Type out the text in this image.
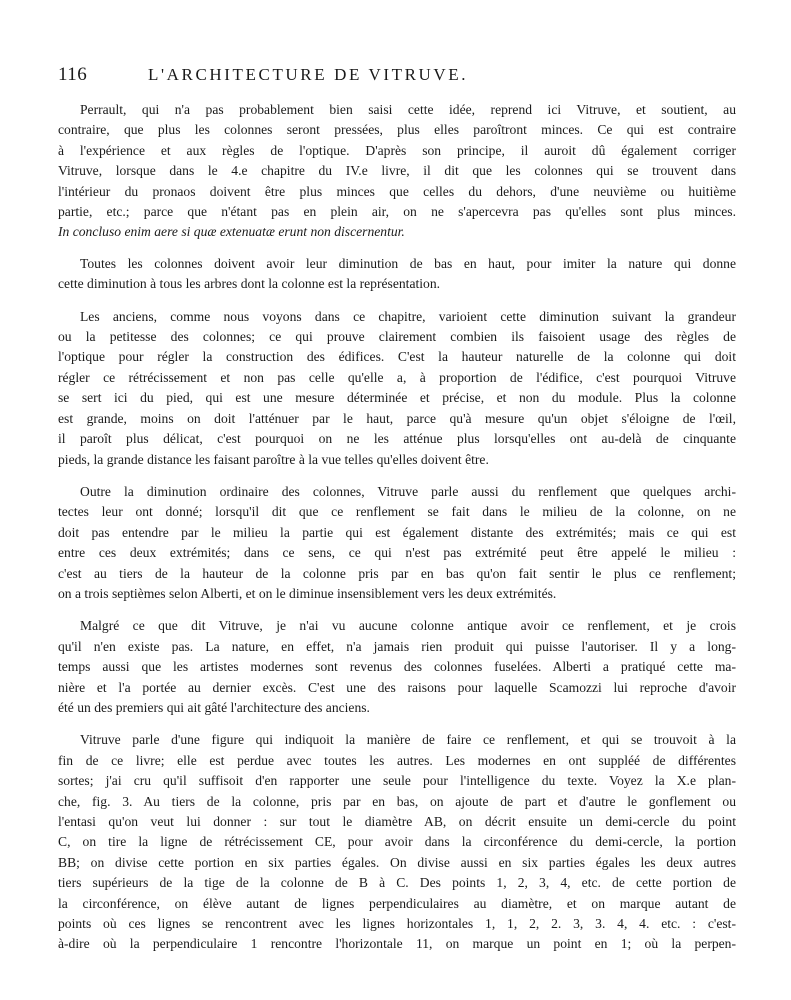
116	L'ARCHITECTURE DE VITRUVE.
Perrault, qui n'a pas probablement bien saisi cette idée, reprend ici Vitruve, et soutient, au
contraire, que plus les colonnes seront pressées, plus elles paroîtront minces. Ce qui est contraire
à l'expérience et aux règles de l'optique. D'après son principe, il auroit dû également corriger
Vitruve, lorsque dans le 4.e chapitre du IV.e livre, il dit que les colonnes qui se trouvent dans
l'intérieur du pronaos doivent être plus minces que celles du dehors, d'une neuvième ou huitième
partie, etc.; parce que n'étant pas en plein air, on ne s'apercevra pas qu'elles sont plus minces.
In concluso enim aere si quæ extenuatæ erunt non discernentur.
Toutes les colonnes doivent avoir leur diminution de bas en haut, pour imiter la nature qui donne
cette diminution à tous les arbres dont la colonne est la représentation.
Les anciens, comme nous voyons dans ce chapitre, varioient cette diminution suivant la grandeur
ou la petitesse des colonnes; ce qui prouve clairement combien ils faisoient usage des règles de
l'optique pour régler la construction des édifices. C'est la hauteur naturelle de la colonne qui doit
régler ce rétrécissement et non pas celle qu'elle a, à proportion de l'édifice, c'est pourquoi Vitruve
se sert ici du pied, qui est une mesure déterminée et précise, et non du module. Plus la colonne
est grande, moins on doit l'atténuer par le haut, parce qu'à mesure qu'un objet s'éloigne de l'œil,
il paroît plus délicat, c'est pourquoi on ne les atténue plus lorsqu'elles ont au-delà de cinquante
pieds, la grande distance les faisant paroître à la vue telles qu'elles doivent être.
Outre la diminution ordinaire des colonnes, Vitruve parle aussi du renflement que quelques archi-
tectes leur ont donné; lorsqu'il dit que ce renflement se fait dans le milieu de la colonne, on ne
doit pas entendre par le milieu la partie qui est également distante des extrémités; mais ce qui est
entre ces deux extrémités; dans ce sens, ce qui n'est pas extrémité peut être appelé le milieu :
c'est au tiers de la hauteur de la colonne pris par en bas qu'on fait sentir le plus ce renflement;
on a trois septièmes selon Alberti, et on le diminue insensiblement vers les deux extrémités.
Malgré ce que dit Vitruve, je n'ai vu aucune colonne antique avoir ce renflement, et je crois
qu'il n'en existe pas. La nature, en effet, n'a jamais rien produit qui puisse l'autoriser. Il y a long-
temps aussi que les artistes modernes sont revenus des colonnes fuselées. Alberti a pratiqué cette ma-
nière et l'a portée au dernier excès. C'est une des raisons pour laquelle Scamozzi lui reproche d'avoir
été un des premiers qui ait gâté l'architecture des anciens.
Vitruve parle d'une figure qui indiquoit la manière de faire ce renflement, et qui se trouvoit à la
fin de ce livre; elle est perdue avec toutes les autres. Les modernes en ont suppléé de différentes
sortes; j'ai cru qu'il suffisoit d'en rapporter une seule pour l'intelligence du texte. Voyez la X.e plan-
che, fig. 3. Au tiers de la colonne, pris par en bas, on ajoute de part et d'autre le gonflement ou
l'entasi qu'on veut lui donner : sur tout le diamètre AB, on décrit ensuite un demi-cercle du point
C, on tire la ligne de rétrécissement CE, pour avoir dans la circonférence du demi-cercle, la portion
BB; on divise cette portion en six parties égales. On divise aussi en six parties égales les deux autres
tiers supérieurs de la tige de la colonne de B à C. Des points 1, 2, 3, 4, etc. de cette portion de
la circonférence, on élève autant de lignes perpendiculaires au diamètre, et on marque autant de
points où ces lignes se rencontrent avec les lignes horizontales 1, 1, 2, 2. 3, 3. 4, 4. etc. : c'est-
à-dire où la perpendiculaire 1 rencontre l'horizontale 11, on marque un point en 1; où la perpen-
